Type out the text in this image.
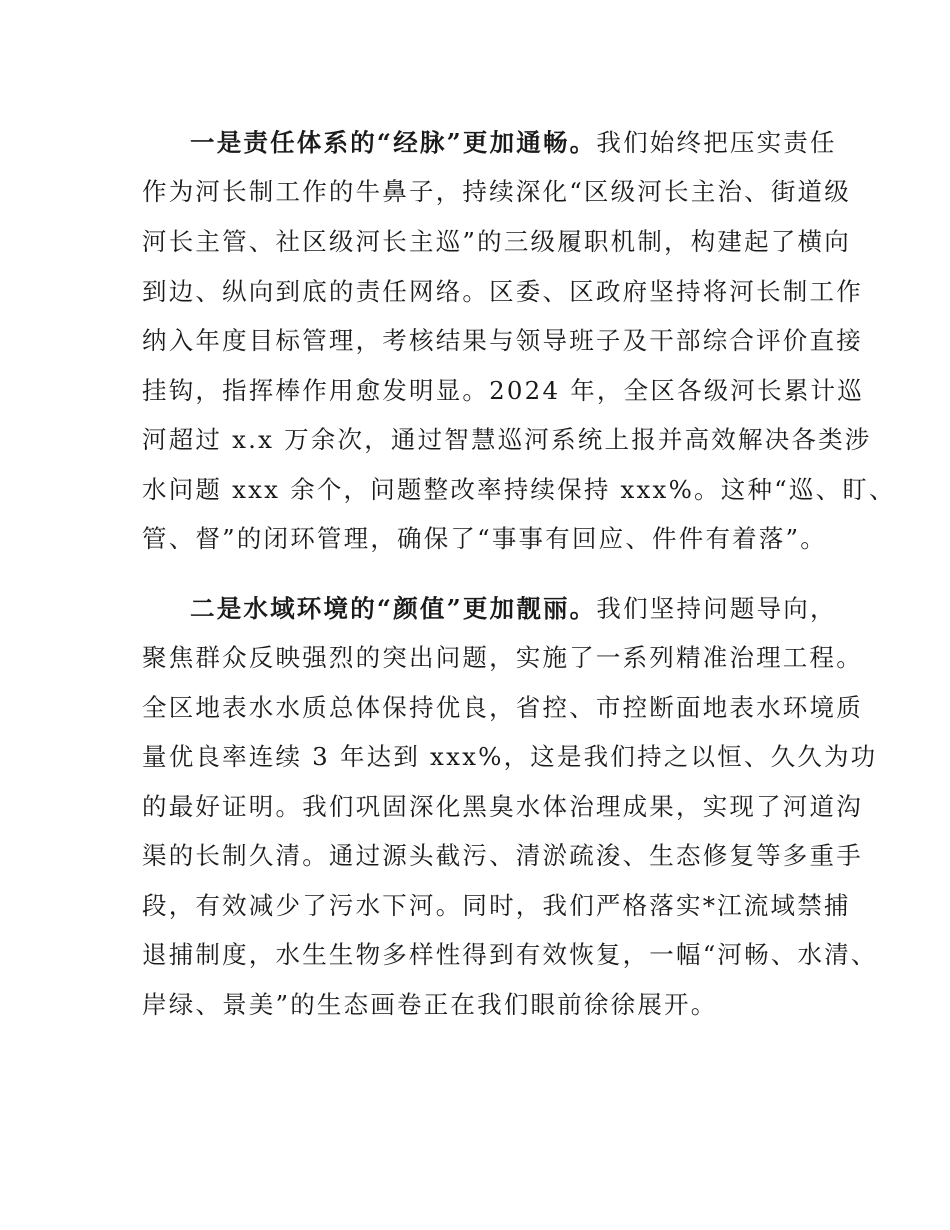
一是责任体系的“经脉”更加通畅。我们始终把压实责任
作为河长制工作的牛鼻子，持续深化“区级河长主治、街道级
河长主管、社区级河长主巡”的三级履职机制，构建起了横向
到边、纵向到底的责任网络。区委、区政府坚持将河长制工作
纳入年度目标管理，考核结果与领导班子及干部综合评价直接
挂钩，指挥棒作用愈发明显。2024 年，全区各级河长累计巡
河超过 x.x 万余次，通过智慧巡河系统上报并高效解决各类涉
水问题 xxx 余个，问题整改率持续保持 xxx%。这种“巡、盯、
管、督”的闭环管理，确保了“事事有回应、件件有着落”。
二是水域环境的“颜值”更加靓丽。我们坚持问题导向，
聚焦群众反映强烈的突出问题，实施了一系列精准治理工程。
全区地表水水质总体保持优良，省控、市控断面地表水环境质
量优良率连续 3 年达到 xxx%，这是我们持之以恒、久久为功
的最好证明。我们巩固深化黑臭水体治理成果，实现了河道沟
渠的长制久清。通过源头截污、清淤疏浚、生态修复等多重手
段，有效减少了污水下河。同时，我们严格落实*江流域禁捕
退捕制度，水生生物多样性得到有效恢复，一幅“河畅、水清、
岸绿、景美”的生态画卷正在我们眼前徐徐展开。
